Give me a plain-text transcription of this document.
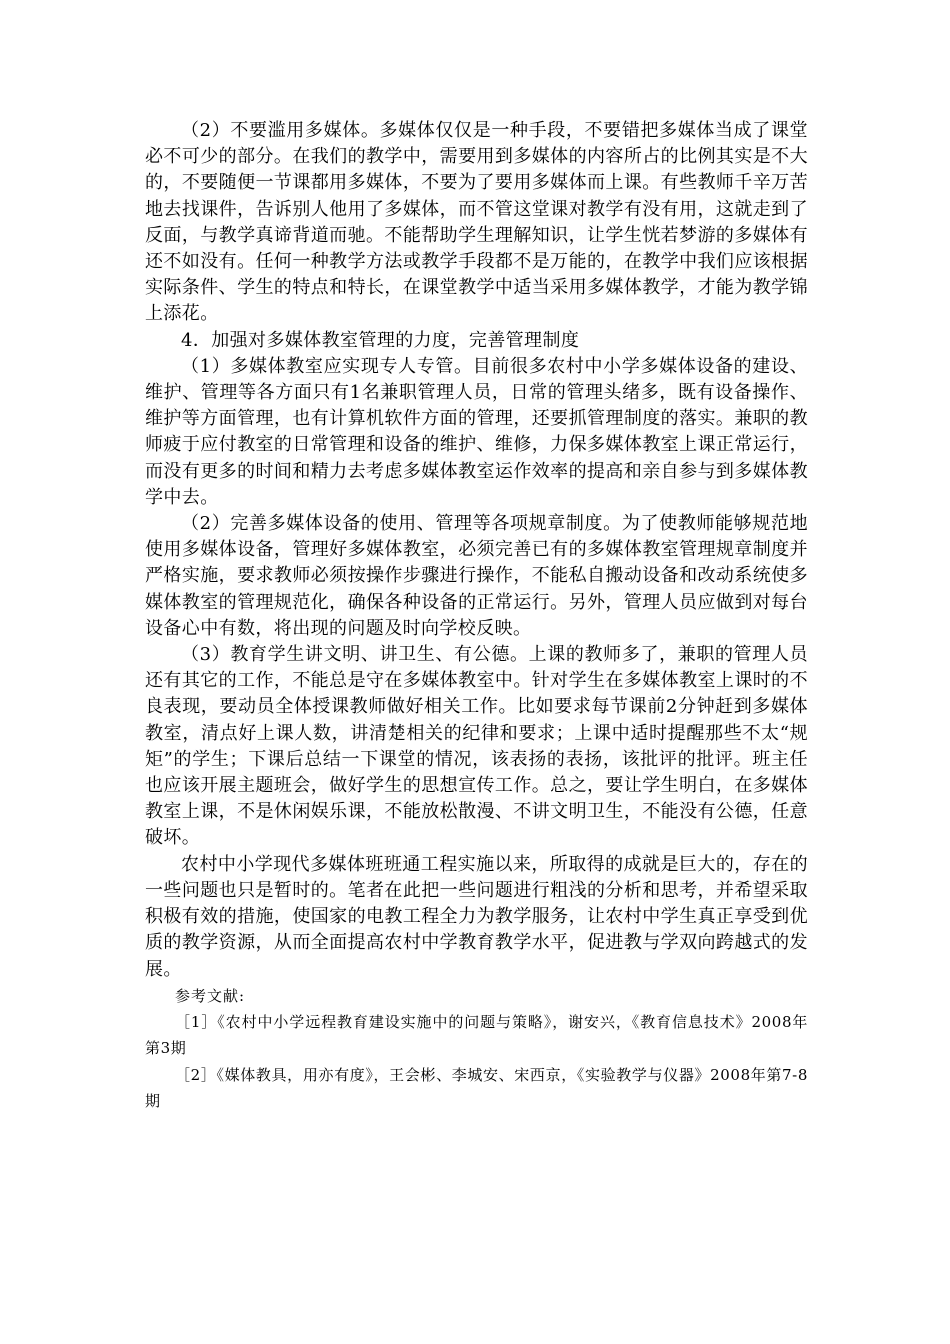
（2）不要滥用多媒体。多媒体仅仅是一种手段，不要错把多媒体当成了课堂必不可少的部分。在我们的教学中，需要用到多媒体的内容所占的比例其实是不大的，不要随便一节课都用多媒体，不要为了要用多媒体而上课。有些教师千辛万苦地去找课件，告诉别人他用了多媒体，而不管这堂课对教学有没有用，这就走到了反面，与教学真谛背道而驰。不能帮助学生理解知识，让学生恍若梦游的多媒体有还不如没有。任何一种教学方法或教学手段都不是万能的，在教学中我们应该根据实际条件、学生的特点和特长，在课堂教学中适当采用多媒体教学，才能为教学锦上添花。

4．加强对多媒体教室管理的力度，完善管理制度

（1）多媒体教室应实现专人专管。目前很多农村中小学多媒体设备的建设、维护、管理等各方面只有1名兼职管理人员，日常的管理头绪多，既有设备操作、维护等方面管理，也有计算机软件方面的管理，还要抓管理制度的落实。兼职的教师疲于应付教室的日常管理和设备的维护、维修，力保多媒体教室上课正常运行，而没有更多的时间和精力去考虑多媒体教室运作效率的提高和亲自参与到多媒体教学中去。

（2）完善多媒体设备的使用、管理等各项规章制度。为了使教师能够规范地使用多媒体设备，管理好多媒体教室，必须完善已有的多媒体教室管理规章制度并严格实施，要求教师必须按操作步骤进行操作，不能私自搬动设备和改动系统使多媒体教室的管理规范化，确保各种设备的正常运行。另外，管理人员应做到对每台设备心中有数，将出现的问题及时向学校反映。

（3）教育学生讲文明、讲卫生、有公德。上课的教师多了，兼职的管理人员还有其它的工作，不能总是守在多媒体教室中。针对学生在多媒体教室上课时的不良表现，要动员全体授课教师做好相关工作。比如要求每节课前2分钟赶到多媒体教室，清点好上课人数，讲清楚相关的纪律和要求；上课中适时提醒那些不太“规矩”的学生；下课后总结一下课堂的情况，该表扬的表扬，该批评的批评。班主任也应该开展主题班会，做好学生的思想宣传工作。总之，要让学生明白，在多媒体教室上课，不是休闲娱乐课，不能放松散漫、不讲文明卫生，不能没有公德，任意破坏。

农村中小学现代多媒体班班通工程实施以来，所取得的成就是巨大的，存在的一些问题也只是暂时的。笔者在此把一些问题进行粗浅的分析和思考，并希望采取积极有效的措施，使国家的电教工程全力为教学服务，让农村中学生真正享受到优质的教学资源，从而全面提高农村中学教育教学水平，促进教与学双向跨越式的发展。

参考文献:

［1］《农村中小学远程教育建设实施中的问题与策略》，谢安兴，《教育信息技术》2008年第3期

［2］《媒体教具，用亦有度》，王会彬、李城安、宋西京，《实验教学与仪器》2008年第7-8期
